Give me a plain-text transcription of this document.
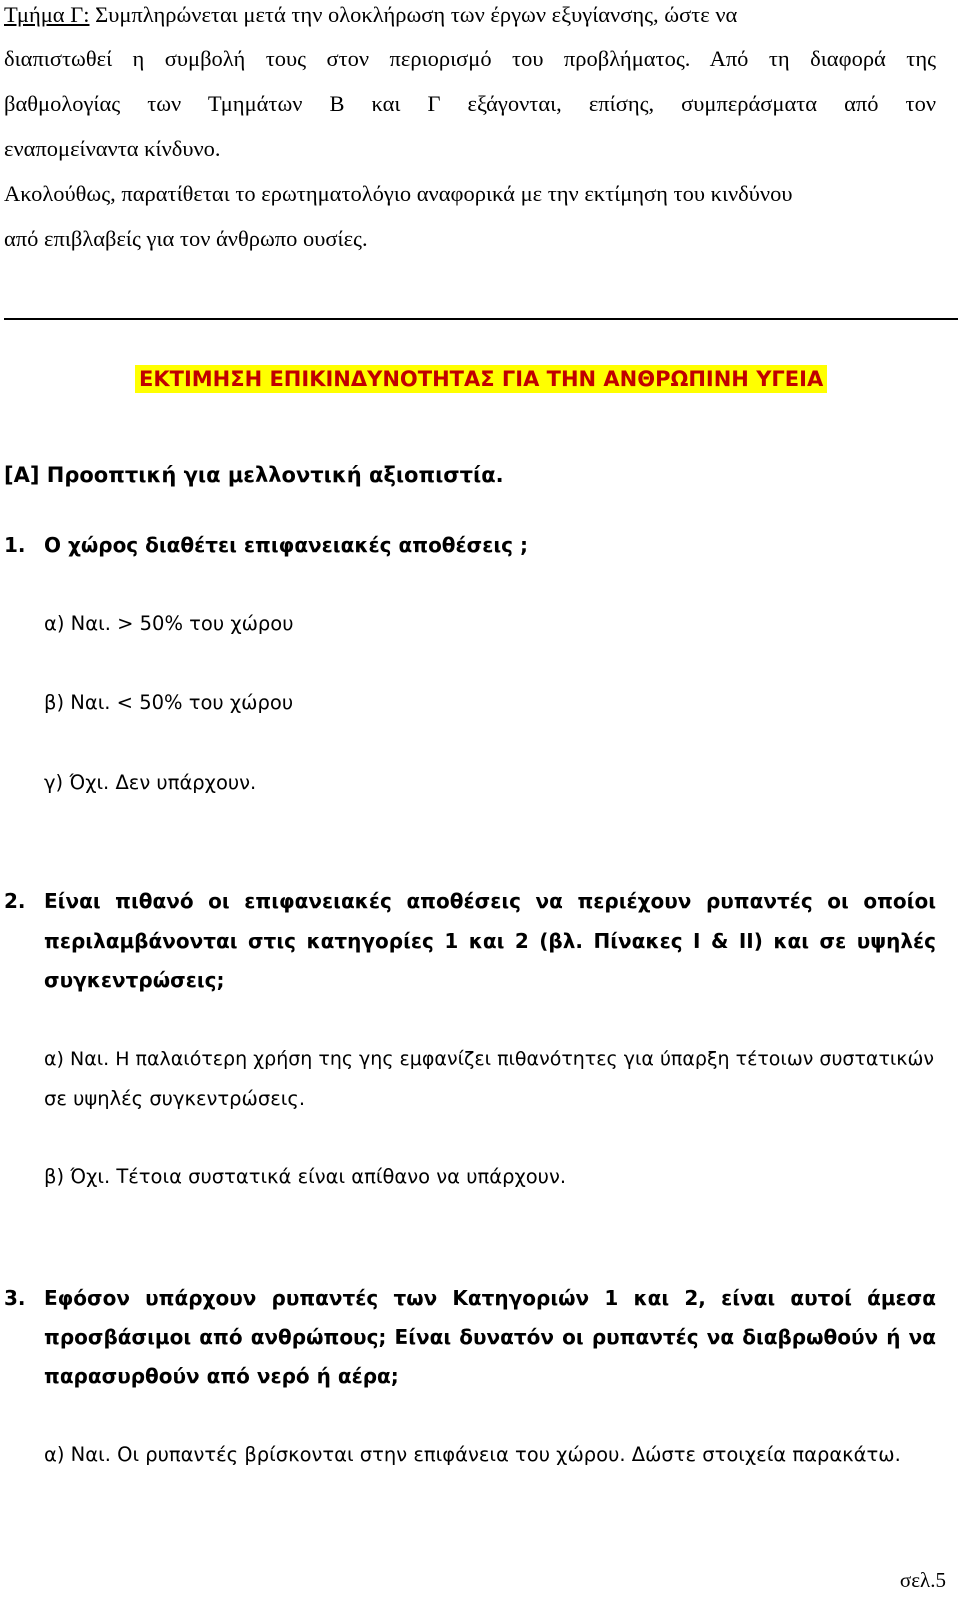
Τμήμα Γ: Συμπληρώνεται μετά την ολοκλήρωση των έργων εξυγίανσης, ώστε να
διαπιστωθεί η συμβολή τους στον περιορισμό του προβλήματος. Από τη διαφορά της
βαθμολογίας των Τμημάτων Β και Γ εξάγονται, επίσης, συμπεράσματα από τον
εναπομείναντα κίνδυνο.
Ακολούθως, παρατίθεται το ερωτηματολόγιο αναφορικά με την εκτίμηση του κινδύνου
από επιβλαβείς για τον άνθρωπο ουσίες.
ΕΚΤΙΜΗΣΗ ΕΠΙΚΙΝΔΥΝΟΤΗΤΑΣ ΓΙΑ ΤΗΝ ΑΝΘΡΩΠΙΝΗ ΥΓΕΙΑ
[Α] Προοπτική για μελλοντική αξιοπιστία.
1. Ο χώρος διαθέτει επιφανειακές αποθέσεις ;
α) Ναι. > 50% του χώρου
β) Ναι. < 50% του χώρου
γ) Όχι. Δεν υπάρχουν.
2. Είναι πιθανό οι επιφανειακές αποθέσεις να περιέχουν ρυπαντές οι οποίοι
περιλαμβάνονται στις κατηγορίες 1 και 2 (βλ. Πίνακες Ι & ΙΙ) και σε υψηλές
συγκεντρώσεις;
α) Ναι. Η παλαιότερη χρήση της γης εμφανίζει πιθανότητες για ύπαρξη τέτοιων συστατικών
σε υψηλές συγκεντρώσεις.
β) Όχι. Τέτοια συστατικά είναι απίθανο να υπάρχουν.
3. Εφόσον υπάρχουν ρυπαντές των Κατηγοριών 1 και 2, είναι αυτοί άμεσα
προσβάσιμοι από ανθρώπους; Είναι δυνατόν οι ρυπαντές να διαβρωθούν ή να
παρασυρθούν από νερό ή αέρα;
α) Ναι. Οι ρυπαντές βρίσκονται στην επιφάνεια του χώρου. Δώστε στοιχεία παρακάτω.
σελ.5
